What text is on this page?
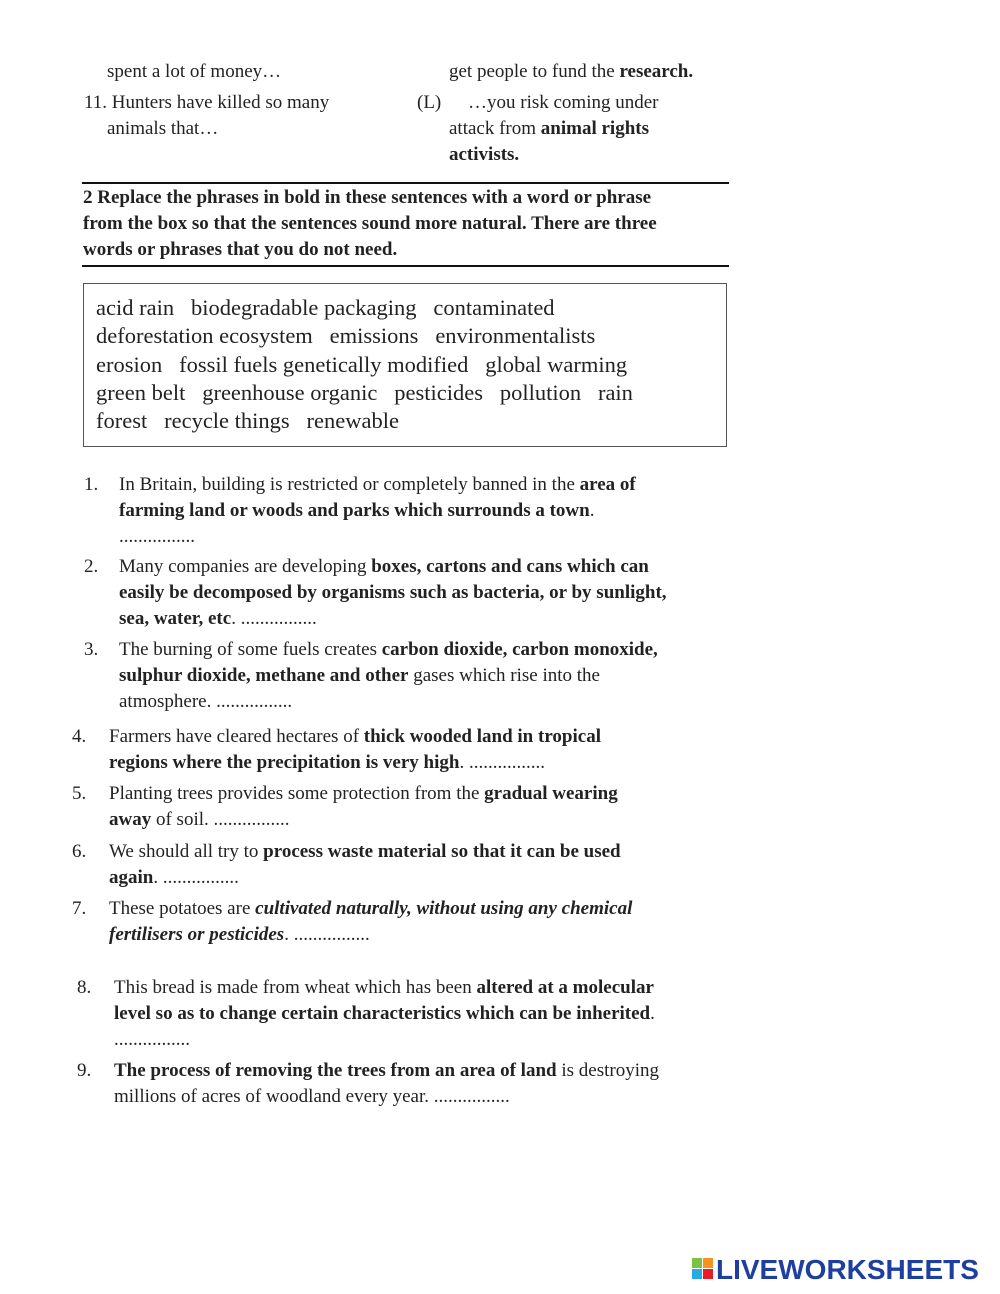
spent a lot of money…	get people to fund the research.
11. Hunters have killed so many
animals that…
(L) …you risk coming under
attack from animal rights
activists.
2 Replace the phrases in bold in these sentences with a word or phrase
from the box so that the sentences sound more natural. There are three
words or phrases that you do not need.
acid rain   biodegradable packaging   contaminated
deforestation ecosystem   emissions   environmentalists
erosion   fossil fuels genetically modified   global warming
green belt   greenhouse organic   pesticides   pollution   rain
forest   recycle things   renewable
1. In Britain, building is restricted or completely banned in the area of
farming land or woods and parks which surrounds a town.
................
2. Many companies are developing boxes, cartons and cans which can
easily be decomposed by organisms such as bacteria, or by sunlight,
sea, water, etc. ................
3. The burning of some fuels creates carbon dioxide, carbon monoxide,
sulphur dioxide, methane and other gases which rise into the
atmosphere. ................
4. Farmers have cleared hectares of thick wooded land in tropical
regions where the precipitation is very high. ................
5. Planting trees provides some protection from the gradual wearing
away of soil. ................
6. We should all try to process waste material so that it can be used
again. ................
7. These potatoes are cultivated naturally, without using any chemical
fertilisers or pesticides. ................
8. This bread is made from wheat which has been altered at a molecular
level so as to change certain characteristics which can be inherited.
................
9. The process of removing the trees from an area of land is destroying
millions of acres of woodland every year. ................
LIVEWORKSHEETS
